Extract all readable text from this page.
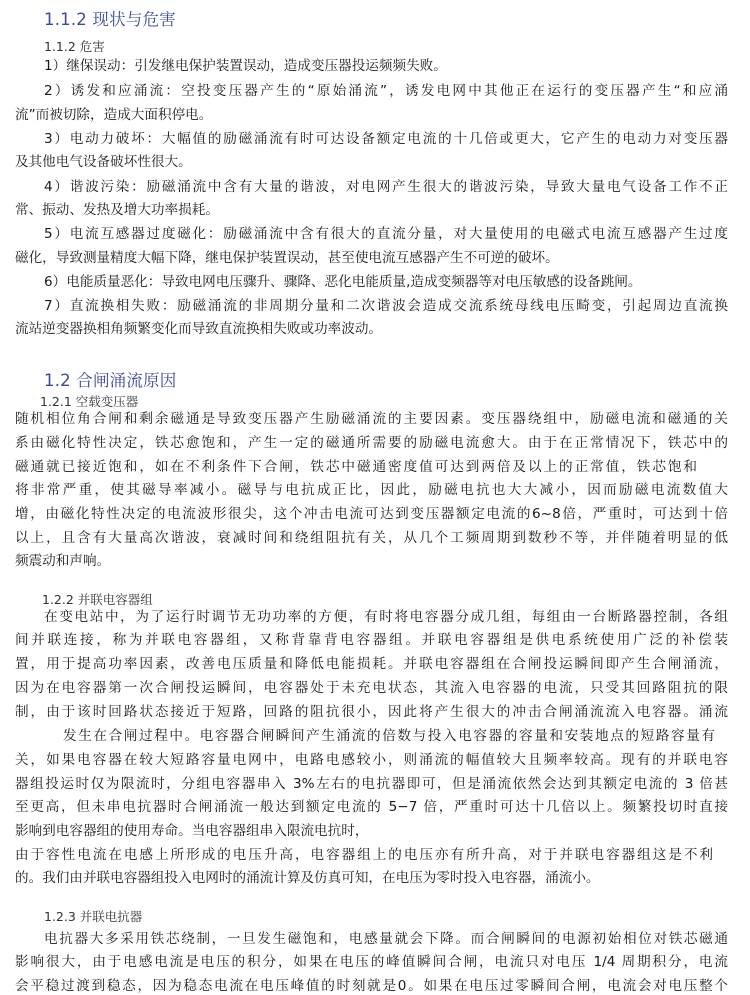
1.1.2 现状与危害
1.1.2 危害
1）继保误动：引发继电保护装置误动，造成变压器投运频频失败。
2）诱发和应涌流：空投变压器产生的“原始涌流”，诱发电网中其他正在运行的变压器产生“和应涌
流”而被切除，造成大面积停电。
3）电动力破坏：大幅值的励磁涌流有时可达设备额定电流的十几倍或更大，它产生的电动力对变压器
及其他电气设备破坏性很大。
4）谐波污染：励磁涌流中含有大量的谐波，对电网产生很大的谐波污染，导致大量电气设备工作不正
常、振动、发热及增大功率损耗。
5）电流互感器过度磁化：励磁涌流中含有很大的直流分量，对大量使用的电磁式电流互感器产生过度
磁化，导致测量精度大幅下降，继电保护装置误动，甚至使电流互感器产生不可逆的破坏。
6）电能质量恶化：导致电网电压骤升、骤降、恶化电能质量,造成变频器等对电压敏感的设备跳闸。
7）直流换相失败：励磁涌流的非周期分量和二次谐波会造成交流系统母线电压畸变，引起周边直流换
流站逆变器换相角频繁变化而导致直流换相失败或功率波动。
1.2 合闸涌流原因
1.2.1 空载变压器
随机相位角合闸和剩余磁通是导致变压器产生励磁涌流的主要因素。变压器绕组中，励磁电流和磁通的关
系由磁化特性决定，铁芯愈饱和，产生一定的磁通所需要的励磁电流愈大。由于在正常情况下，铁芯中的
磁通就已接近饱和，如在不利条件下合闸，铁芯中磁通密度值可达到两倍及以上的正常值，铁芯饱和
将非常严重，使其磁导率减小。磁导与电抗成正比，因此，励磁电抗也大大减小，因而励磁电流数值大
增，由磁化特性决定的电流波形很尖，这个冲击电流可达到变压器额定电流的6~8倍，严重时，可达到十倍
以上，且含有大量高次谐波，衰减时间和绕组阻抗有关，从几个工频周期到数秒不等，并伴随着明显的低
频震动和声响。
1.2.2 并联电容器组
在变电站中，为了运行时调节无功功率的方便，有时将电容器分成几组，每组由一台断路器控制，各组
间并联连接，称为并联电容器组，又称背靠背电容器组。并联电容器组是供电系统使用广泛的补偿装
置，用于提高功率因素，改善电压质量和降低电能损耗。并联电容器组在合闸投运瞬间即产生合闸涌流，
因为在电容器第一次合闸投运瞬间，电容器处于未充电状态，其流入电容器的电流，只受其回路阻抗的限
制，由于该时回路状态接近于短路，回路的阻抗很小，因此将产生很大的冲击合闸涌流流入电容器。涌流
发生在合闸过程中。电容器合闸瞬间产生涌流的倍数与投入电容器的容量和安装地点的短路容量有
关，如果电容器在较大短路容量电网中，电路电感较小，则涌流的幅值较大且频率较高。现有的并联电容
器组投运时仅为限流时，分组电容器串入 3%左右的电抗器即可，但是涌流依然会达到其额定电流的 3 倍甚
至更高，但未串电抗器时合闸涌流一般达到额定电流的 5−7 倍，严重时可达十几倍以上。频繁投切时直接
影响到电容器组的使用寿命。当电容器组串入限流电抗时，
由于容性电流在电感上所形成的电压升高，电容器组上的电压亦有所升高，对于并联电容器组这是不利
的。我们由并联电容器组投入电网时的涌流计算及仿真可知，在电压为零时投入电容器，涌流小。
1.2.3 并联电抗器
电抗器大多采用铁芯绕制，一旦发生磁饱和，电感量就会下降。而合闸瞬间的电源初始相位对铁芯磁通
影响很大，由于电感电流是电压的积分，如果在电压的峰值瞬间合闸，电流只对电压 1/4 周期积分，电流
会平稳过渡到稳态，因为稳态电流在电压峰值的时刻就是0。如果在电压过零瞬间合闸，电流会对电压整个
